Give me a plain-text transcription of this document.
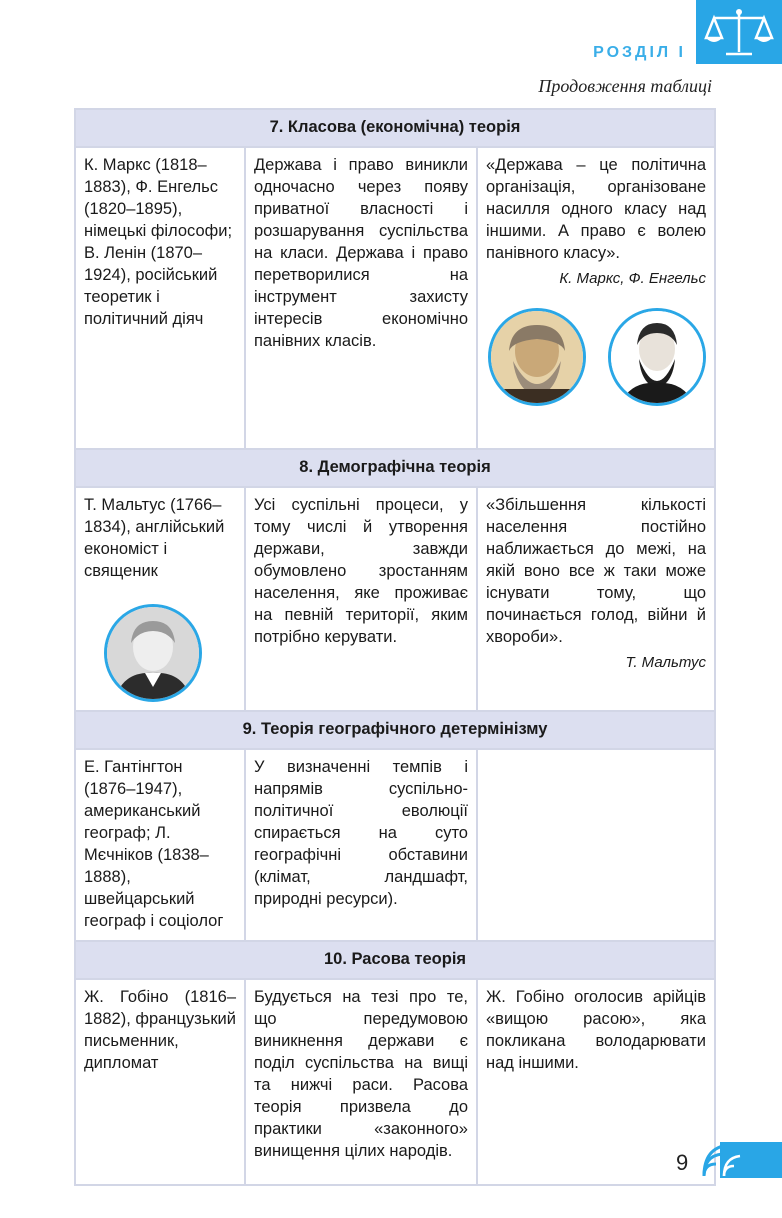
РОЗДІЛ І
Продовження таблиці
7. Класова (економічна) теорія		
К. Маркс (1818–1883), Ф. Енгельс (1820–1895), німецькі філософи; В. Ленін (1870–1924), російський теоретик і політичний діяч	Держава і право виникли одночасно через появу приватної власності і розшарування суспільства на класи. Держава і право перетворилися на інструмент захисту інтересів економічно панівних класів.	«Держава – це політична організація, організоване насилля одного класу над іншими. А право є волею панівного класу».
К. Маркс, Ф. Енгельс

8. Демографічна теорія		

Т. Мальтус (1766–1834), англійський економіст і священик	Усі суспільні процеси, у тому числі й утворення держави, завжди обумовлено зростанням населення, яке проживає на певній території, яким потрібно керувати.	«Збільшення кількості населення постійно наближається до межі, на якій воно все ж таки може існувати тому, що починається голод, війни й хвороби».
Т. Мальтус

9. Теорія географічного детермінізму		
Е. Гантінгтон (1876–1947), американський географ; Л. Мєчніков (1838–1888), швейцарський географ і соціолог	У визначенні темпів і напрямів суспільно-політичної еволюції спирається на суто географічні обставини (клімат, ландшафт, природні ресурси).	
10. Расова теорія		
Ж. Гобіно (1816–1882), французький письменник, дипломат	Будується на тезі про те, що передумовою виникнення держави є поділ суспільства на вищі та нижчі раси. Расова теорія призвела до практики «законного» винищення цілих народів.	Ж. Гобіно оголосив арійців «вищою расою», яка покликана володарювати над іншими.
9
